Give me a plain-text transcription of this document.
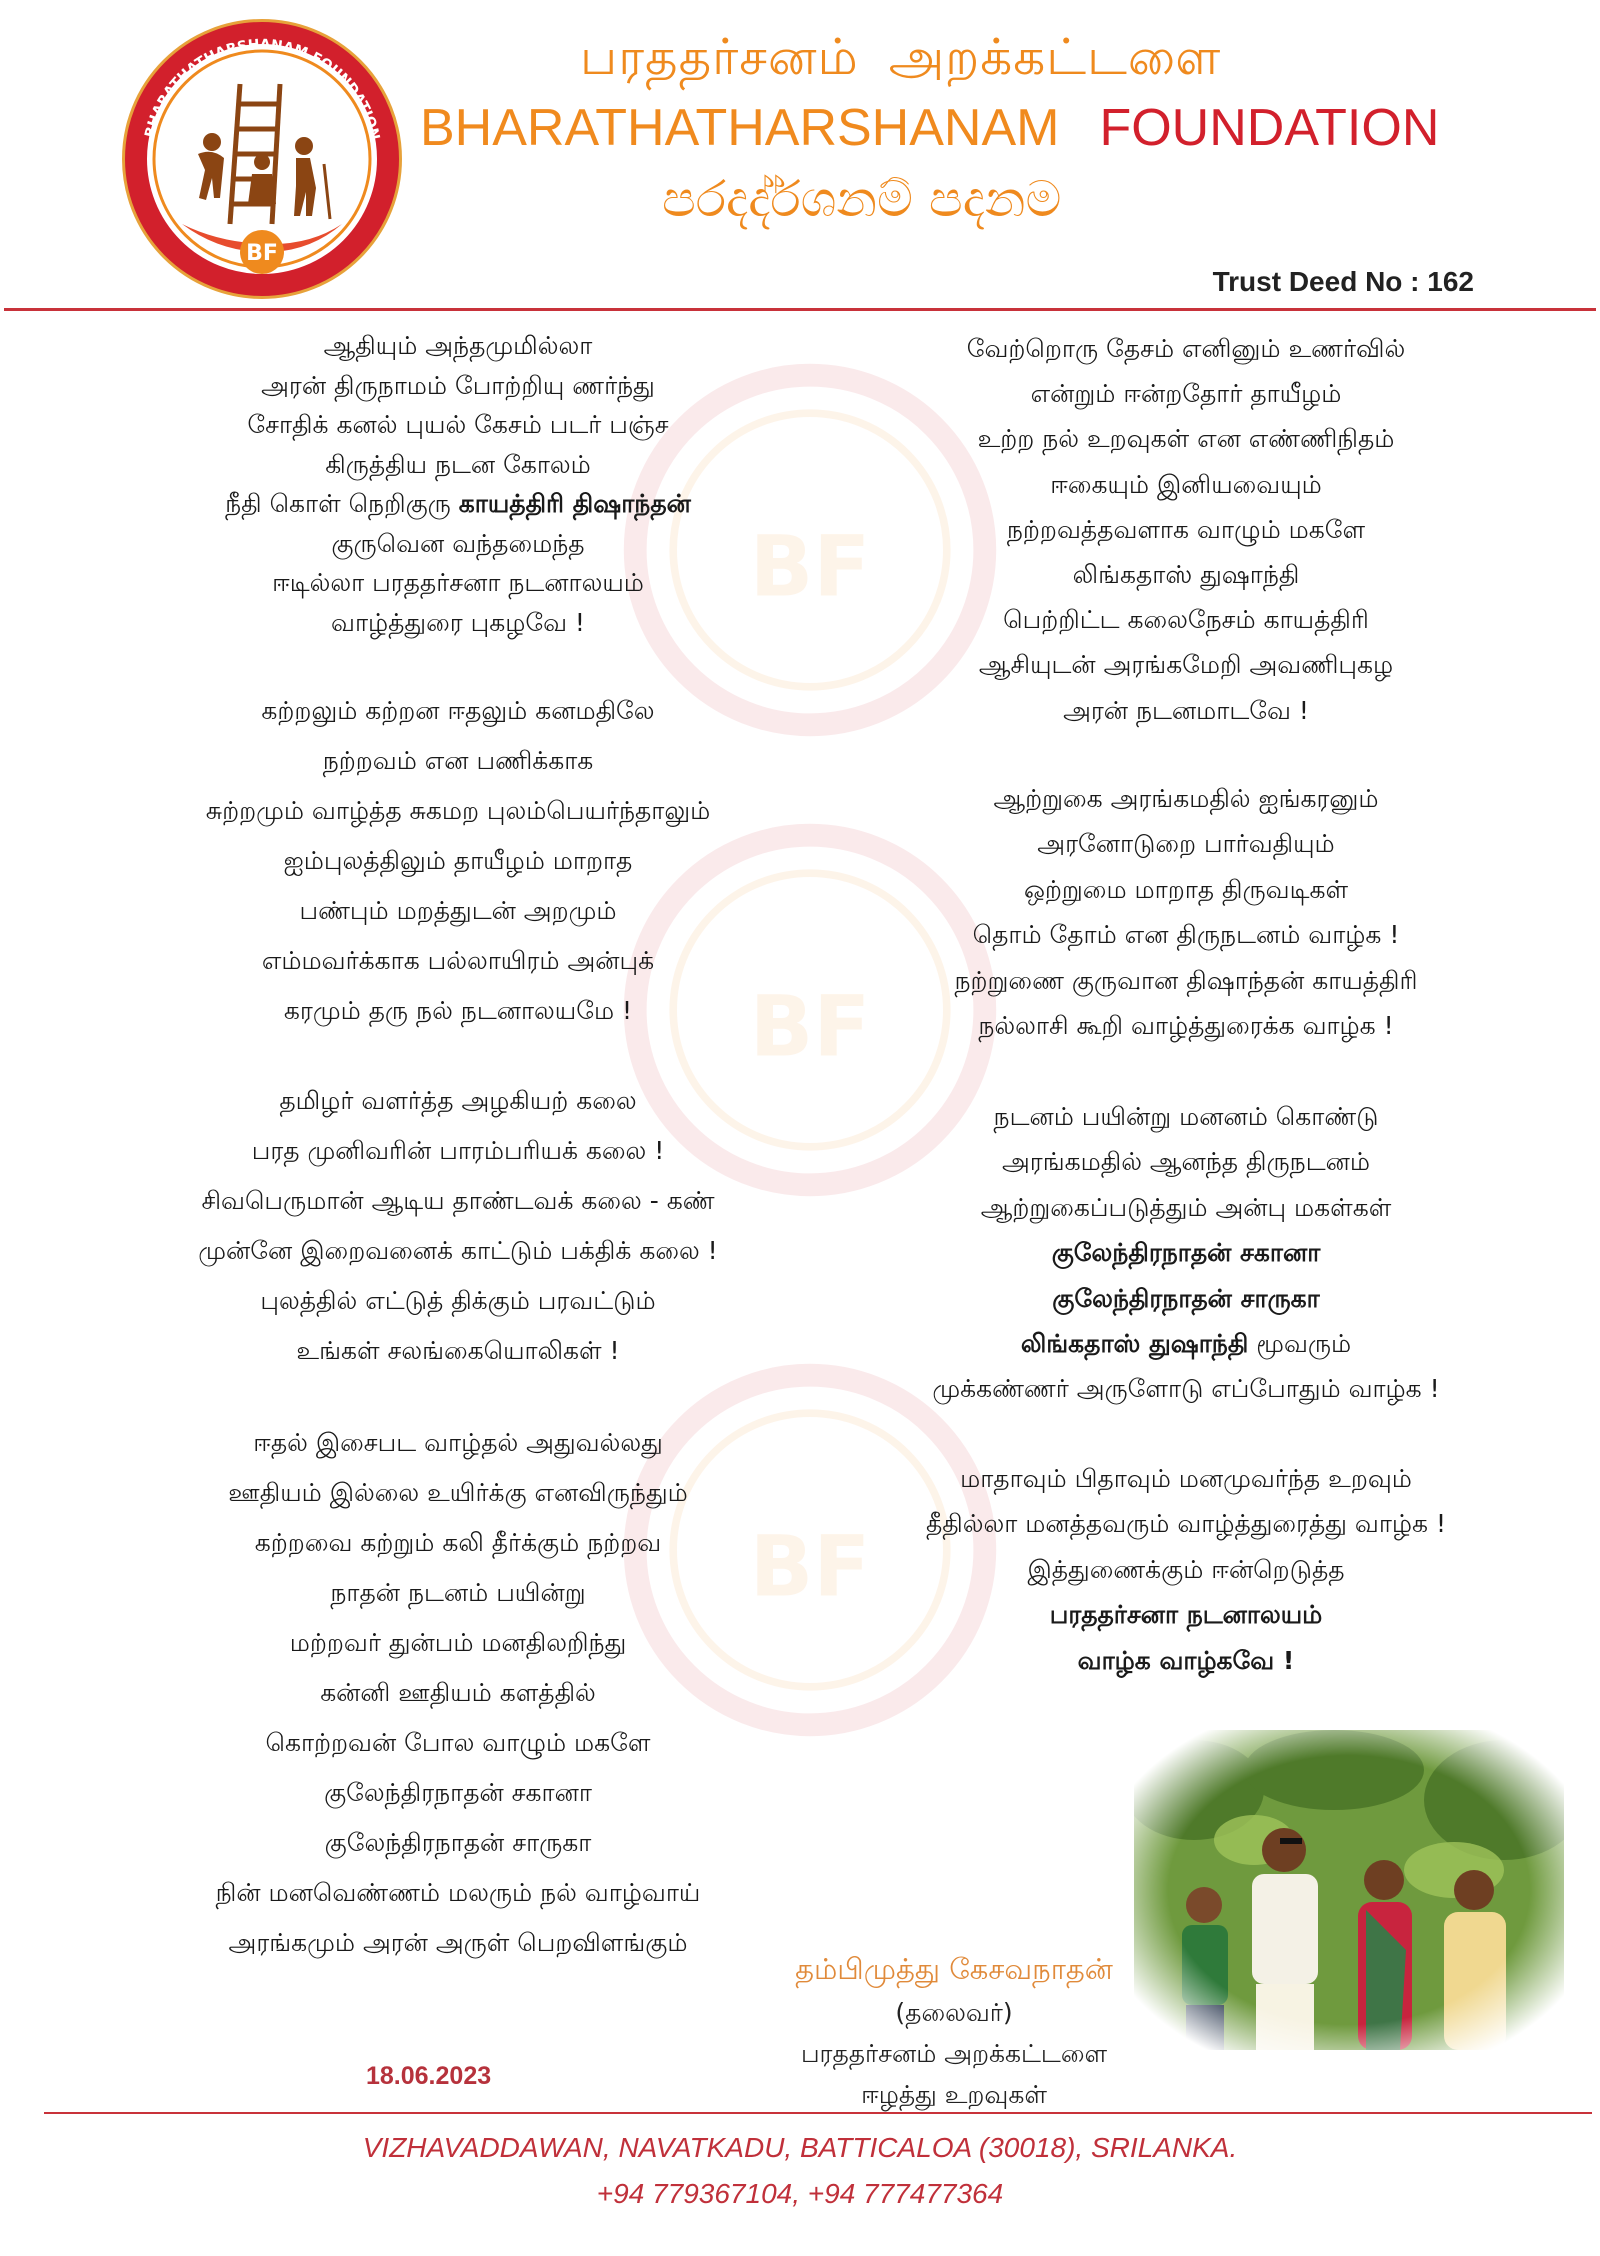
BF
BF
BF
BF
BHARATHATHARSHANAM FOUNDATION
பரததர்சனம் அறக்கட்டளை
BHARATHATHARSHANAM FOUNDATION
පරදද්ර්ශනම් පදනම
Trust Deed No : 162
ஆதியும் அந்தமுமில்லா
அரன் திருநாமம் போற்றியு ணர்ந்து
சோதிக் கனல் புயல் கேசம் படர் பஞ்ச
கிருத்திய நடன கோலம்
நீதி கொள் நெறிகுரு காயத்திரி திஷாந்தன்
குருவென வந்தமைந்த
ஈடில்லா பரததர்சனா நடனாலயம்
வாழ்த்துரை புகழவே !
கற்றலும் கற்றன ஈதலும் கனமதிலே
நற்றவம் என பணிக்காக
சுற்றமும் வாழ்த்த சுகமற புலம்பெயர்ந்தாலும்
ஐம்புலத்திலும் தாயீழம் மாறாத
பண்பும் மறத்துடன் அறமும்
எம்மவர்க்காக பல்லாயிரம் அன்புக்
கரமும் தரு நல் நடனாலயமே !
தமிழர் வளர்த்த அழகியற் கலை
பரத முனிவரின் பாரம்பரியக் கலை !
சிவபெருமான் ஆடிய தாண்டவக் கலை - கண்
முன்னே இறைவனைக் காட்டும் பக்திக் கலை !
புலத்தில் எட்டுத் திக்கும் பரவட்டும்
உங்கள் சலங்கையொலிகள் !
ஈதல் இசைபட வாழ்தல் அதுவல்லது
ஊதியம் இல்லை உயிர்க்கு எனவிருந்தும்
கற்றவை கற்றும் கலி தீர்க்கும் நற்றவ
நாதன் நடனம் பயின்று
மற்றவர் துன்பம் மனதிலறிந்து
கன்னி ஊதியம் களத்தில்
கொற்றவன் போல வாழும் மகளே
குலேந்திரநாதன் சகானா
குலேந்திரநாதன் சாருகா
நின் மனவெண்ணம் மலரும் நல் வாழ்வாய்
அரங்கமும் அரன் அருள் பெறவிளங்கும்
வேற்றொரு தேசம் எனினும் உணர்வில்
என்றும் ஈன்றதோர் தாயீழம்
உற்ற நல் உறவுகள் என எண்ணிநிதம்
ஈகையும் இனியவையும்
நற்றவத்தவளாக வாழும் மகளே
லிங்கதாஸ் துஷாந்தி
பெற்றிட்ட கலைநேசம் காயத்திரி
ஆசியுடன் அரங்கமேறி அவணிபுகழ
அரன் நடனமாடவே !
ஆற்றுகை அரங்கமதில் ஐங்கரனும்
அரனோடுறை பார்வதியும்
ஒற்றுமை மாறாத திருவடிகள்
தொம் தோம் என திருநடனம் வாழ்க !
நற்றுணை குருவான திஷாந்தன் காயத்திரி
நல்லாசி கூறி வாழ்த்துரைக்க வாழ்க !
நடனம் பயின்று மனனம் கொண்டு
அரங்கமதில் ஆனந்த திருநடனம்
ஆற்றுகைப்படுத்தும் அன்பு மகள்கள்
குலேந்திரநாதன் சகானா
குலேந்திரநாதன் சாருகா
லிங்கதாஸ் துஷாந்தி மூவரும்
முக்கண்ணர் அருளோடு எப்போதும் வாழ்க !
மாதாவும் பிதாவும் மனமுவர்ந்த உறவும்
தீதில்லா மனத்தவரும் வாழ்த்துரைத்து வாழ்க !
இத்துணைக்கும் ஈன்றெடுத்த
பரததர்சனா நடனாலயம்
வாழ்க வாழ்கவே !
தம்பிமுத்து கேசவநாதன்
(தலைவர்)
பரததர்சனம் அறக்கட்டளை
ஈழத்து உறவுகள்
18.06.2023
VIZHAVADDAWAN, NAVATKADU, BATTICALOA (30018), SRILANKA.
+94 779367104, +94 777477364
